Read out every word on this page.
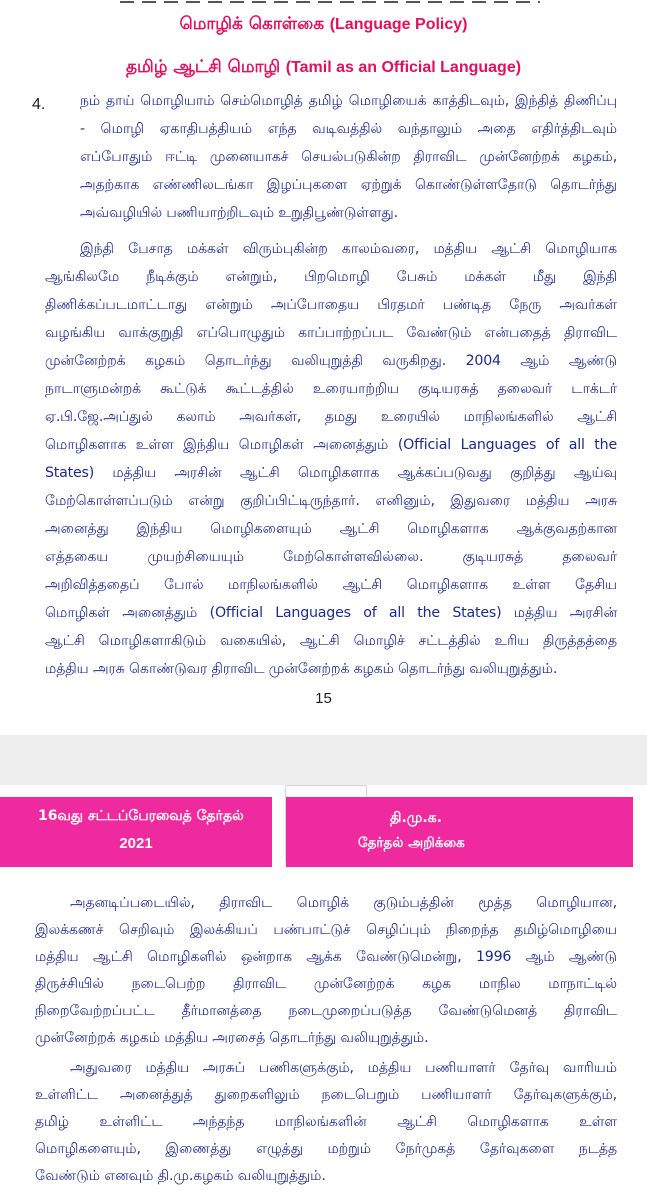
மொழிக் கொள்கை (Language Policy)
தமிழ் ஆட்சி மொழி (Tamil as an Official Language)
4. நம் தாய் மொழியாம் செம்மொழித் தமிழ் மொழியைக் காத்திடவும், இந்தித் திணிப்பு
- மொழி ஏகாதிபத்தியம் எந்த வடிவத்தில் வந்தாலும் அதை எதிர்த்திடவும்
எப்போதும் ஈட்டி முனையாகச் செயல்படுகின்ற திராவிட முன்னேற்றக் கழகம்,
அதற்காக எண்ணிலடங்கா இழப்புகளை ஏற்றுக் கொண்டுள்ளதோடு தொடர்ந்து
அவ்வழியில் பணியாற்றிடவும் உறுதிபூண்டுள்ளது.
இந்தி பேசாத மக்கள் விரும்புகின்ற காலம்வரை, மத்திய ஆட்சி மொழியாக
ஆங்கிலமே நீடிக்கும் என்றும், பிறமொழி பேசும் மக்கள் மீது இந்தி
திணிக்கப்படமாட்டாது என்றும் அப்போதைய பிரதமர் பண்டித நேரு அவர்கள்
வழங்கிய வாக்குறுதி எப்பொழுதும் காப்பாற்றப்பட வேண்டும் என்பதைத் திராவிட
முன்னேற்றக் கழகம் தொடர்ந்து வலியுறுத்தி வருகிறது. 2004 ஆம் ஆண்டு
நாடாளுமன்றக் கூட்டுக் கூட்டத்தில் உரையாற்றிய குடியரசுத் தலைவர் டாக்டர்
ஏ.பி.ஜே.அப்துல் கலாம் அவர்கள், தமது உரையில் மாநிலங்களில் ஆட்சி
மொழிகளாக உள்ள இந்திய மொழிகள் அனைத்தும் (Official Languages of all the
States) மத்திய அரசின் ஆட்சி மொழிகளாக ஆக்கப்படுவது குறித்து ஆய்வு
மேற்கொள்ளப்படும் என்று குறிப்பிட்டிருந்தார். எனினும், இதுவரை மத்திய அரசு
அனைத்து இந்திய மொழிகளையும் ஆட்சி மொழிகளாக ஆக்குவதற்கான
எத்தகைய முயற்சியையும் மேற்கொள்ளவில்லை. குடியரசுத் தலைவர்
அறிவித்ததைப் போல் மாநிலங்களில் ஆட்சி மொழிகளாக உள்ள தேசிய
மொழிகள் அனைத்தும் (Official Languages of all the States) மத்திய அரசின்
ஆட்சி மொழிகளாகிடும் வகையில், ஆட்சி மொழிச் சட்டத்தில் உரிய திருத்தத்தை
மத்திய அரசு கொண்டுவர திராவிட முன்னேற்றக் கழகம் தொடர்ந்து வலியுறுத்தும்.
15
16வது சட்டப்பேரவைத் தேர்தல்
2021
தி.மு.க.
தேர்தல் அறிக்கை
அதனடிப்படையில், திராவிட மொழிக் குடும்பத்தின் மூத்த மொழியான,
இலக்கணச் செறிவும் இலக்கியப் பண்பாட்டுச் செழிப்பும் நிறைந்த தமிழ்மொழியை
மத்திய ஆட்சி மொழிகளில் ஒன்றாக ஆக்க வேண்டுமென்று, 1996 ஆம் ஆண்டு
திருச்சியில் நடைபெற்ற திராவிட முன்னேற்றக் கழக மாநில மாநாட்டில்
நிறைவேற்றப்பட்ட தீர்மானத்தை நடைமுறைப்படுத்த வேண்டுமெனத் திராவிட
முன்னேற்றக் கழகம் மத்திய அரசைத் தொடர்ந்து வலியுறுத்தும்.
அதுவரை மத்திய அரசுப் பணிகளுக்கும், மத்திய பணியாளர் தேர்வு வாரியம்
உள்ளிட்ட அனைத்துத் துறைகளிலும் நடைபெறும் பணியாளர் தேர்வுகளுக்கும்,
தமிழ் உள்ளிட்ட அந்தந்த மாநிலங்களின் ஆட்சி மொழிகளாக உள்ள
மொழிகளையும், இணைத்து எழுத்து மற்றும் நேர்முகத் தேர்வுகளை நடத்த
வேண்டும் எனவும் தி.மு.கழகம் வலியுறுத்தும்.
